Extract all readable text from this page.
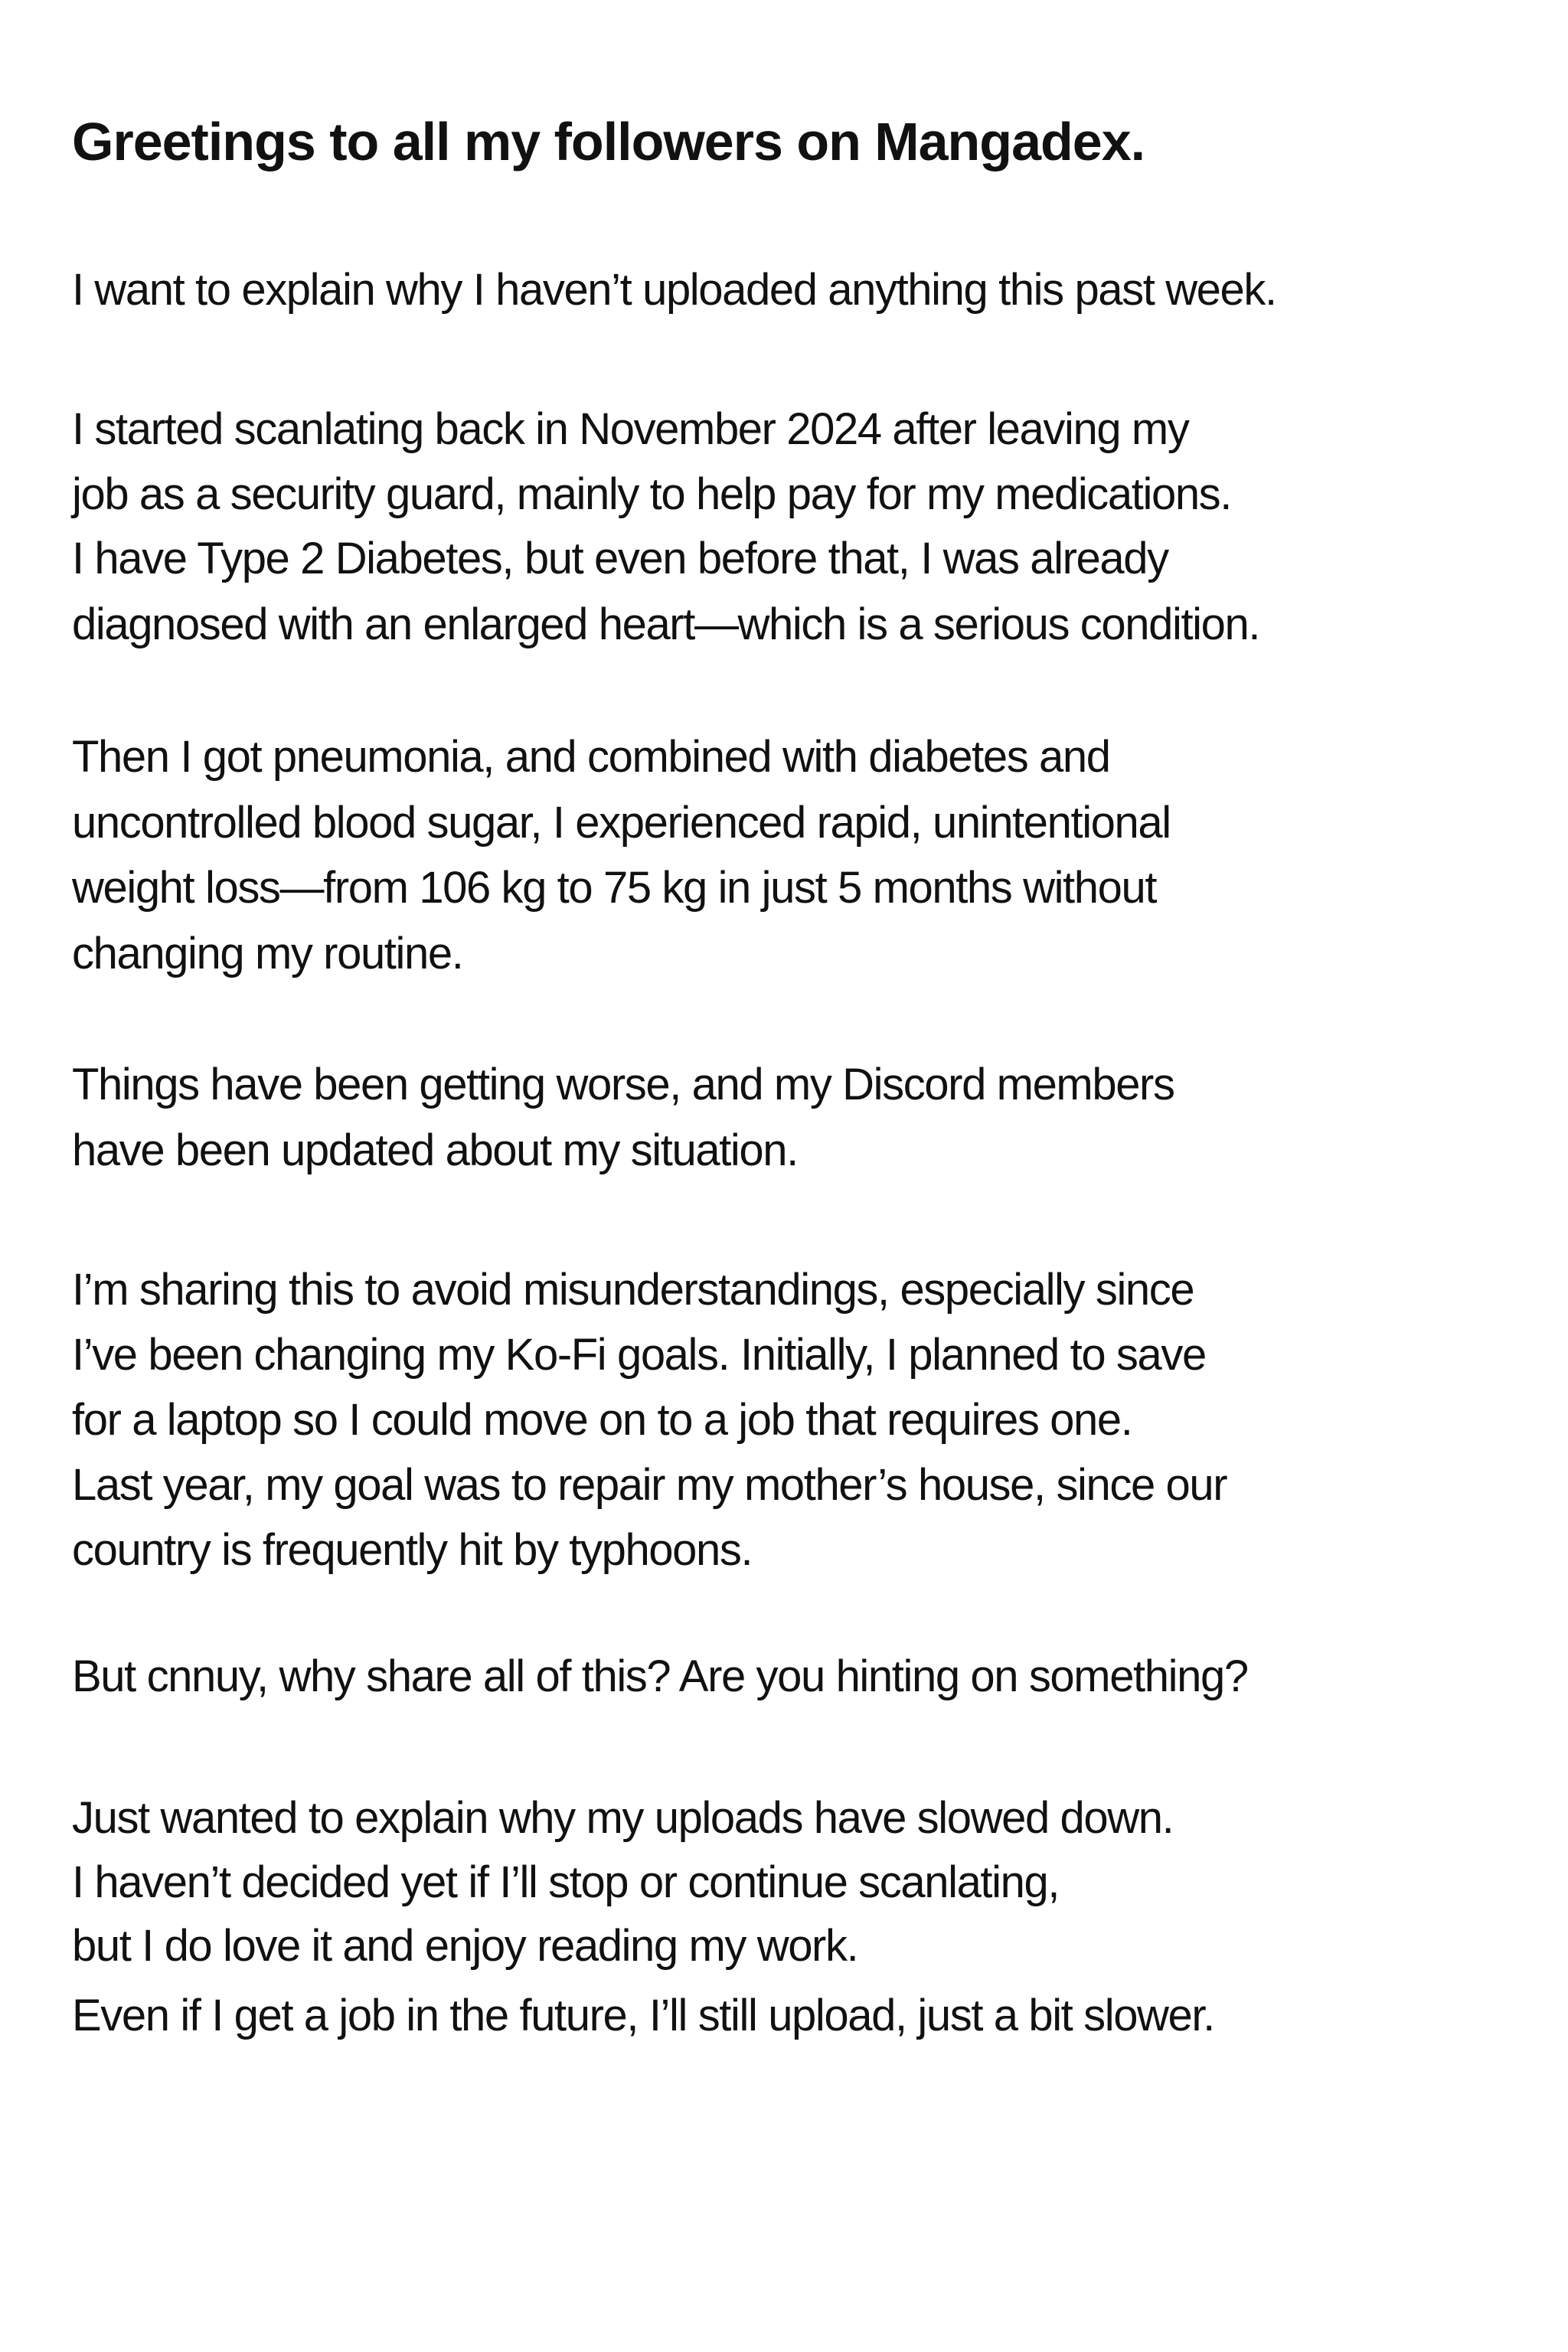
Greetings to all my followers on Mangadex.
I want to explain why I haven’t uploaded anything this past week.
I started scanlating back in November 2024 after leaving my
job as a security guard, mainly to help pay for my medications.
I have Type 2 Diabetes, but even before that, I was already
diagnosed with an enlarged heart—which is a serious condition.
Then I got pneumonia, and combined with diabetes and
uncontrolled blood sugar, I experienced rapid, unintentional
weight loss—from 106 kg to 75 kg in just 5 months without
changing my routine.
Things have been getting worse, and my Discord members
have been updated about my situation.
I’m sharing this to avoid misunderstandings, especially since
I’ve been changing my Ko-Fi goals. Initially, I planned to save
for a laptop so I could move on to a job that requires one.
Last year, my goal was to repair my mother’s house, since our
country is frequently hit by typhoons.
But cnnuy, why share all of this? Are you hinting on something?
Just wanted to explain why my uploads have slowed down.
I haven’t decided yet if I’ll stop or continue scanlating,
but I do love it and enjoy reading my work.
Even if I get a job in the future, I’ll still upload, just a bit slower.
